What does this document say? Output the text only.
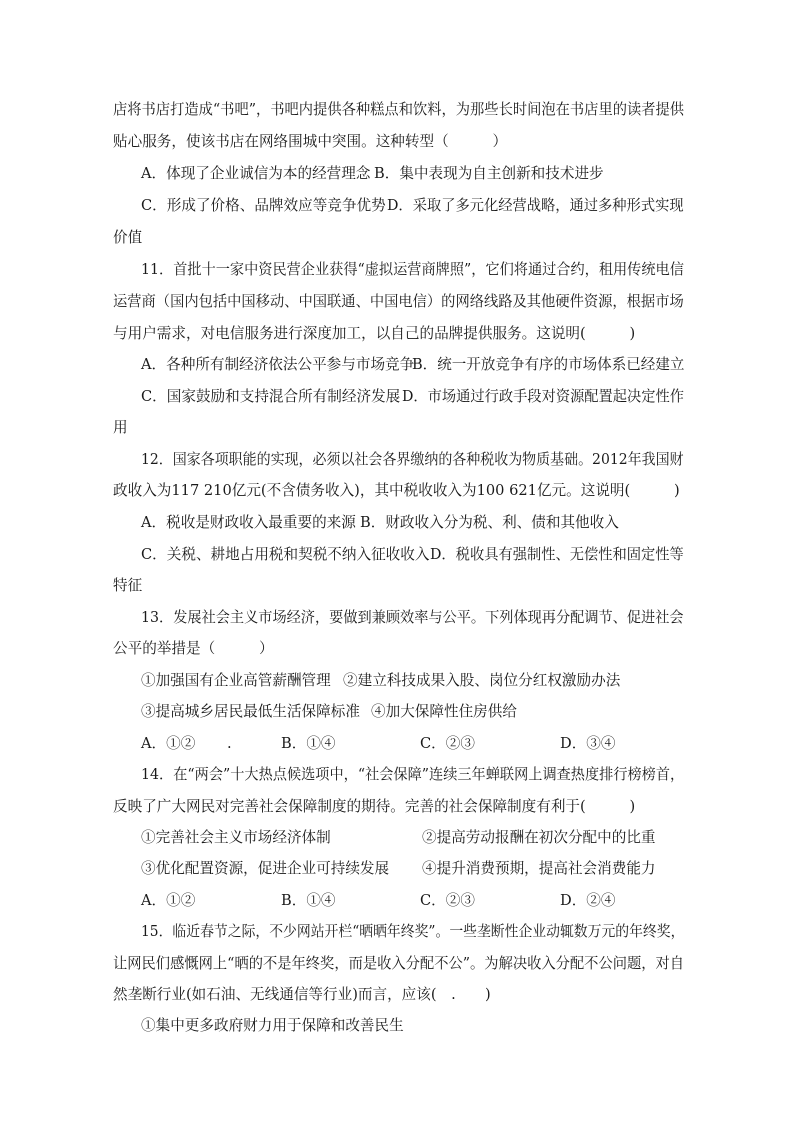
店将书店打造成“书吧”，书吧内提供各种糕点和饮料，为那些长时间泡在书店里的读者提供
贴心服务，使该书店在网络围城中突围。这种转型（　　　）
A．体现了企业诚信为本的经营理念 B．集中表现为自主创新和技术进步
C．形成了价格、品牌效应等竞争优势 D．采取了多元化经营战略，通过多种形式实现
价值
11．首批十一家中资民营企业获得“虚拟运营商牌照”，它们将通过合约，租用传统电信
运营商（国内包括中国移动、中国联通、中国电信）的网络线路及其他硬件资源，根据市场
与用户需求，对电信服务进行深度加工，以自己的品牌提供服务。这说明(　　　)
A．各种所有制经济依法公平参与市场竞争
B．统一开放竞争有序的市场体系已经建立
C．国家鼓励和支持混合所有制经济发展 D．市场通过行政手段对资源配置起决定性作
用
12．国家各项职能的实现，必须以社会各界缴纳的各种税收为物质基础。2012年我国财
政收入为117 210亿元(不含债务收入)，其中税收收入为100 621亿元。这说明(　　　)
A．税收是财政收入最重要的来源 B．财政收入分为税、利、债和其他收入
C．关税、耕地占用税和契税不纳入征收收入 D．税收具有强制性、无偿性和固定性等
特征
13．发展社会主义市场经济，要做到兼顾效率与公平。下列体现再分配调节、促进社会
公平的举措是（　　　）
①加强国有企业高管薪酬管理 ②建立科技成果入股、岗位分红权激励办法
③提高城乡居民最低生活保障标准 ④加大保障性住房供给
A．①② .	B．①④	C．②③	D．③④
14．在“两会”十大热点候选项中，“社会保障”连续三年蝉联网上调查热度排行榜榜首，
反映了广大网民对完善社会保障制度的期待。完善的社会保障制度有利于(　　　)
①完善社会主义市场经济体制	②提高劳动报酬在初次分配中的比重
③优化配置资源，促进企业可持续发展 ④提升消费预期，提高社会消费能力
A．①②	B．①④	C．②③	D．②④
15．临近春节之际，不少网站开栏“晒晒年终奖”。一些垄断性企业动辄数万元的年终奖，
让网民们感慨网上“晒的不是年终奖，而是收入分配不公”。为解决收入分配不公问题，对自
然垄断行业(如石油、无线通信等行业)而言，应该(　.　　)
①集中更多政府财力用于保障和改善民生
